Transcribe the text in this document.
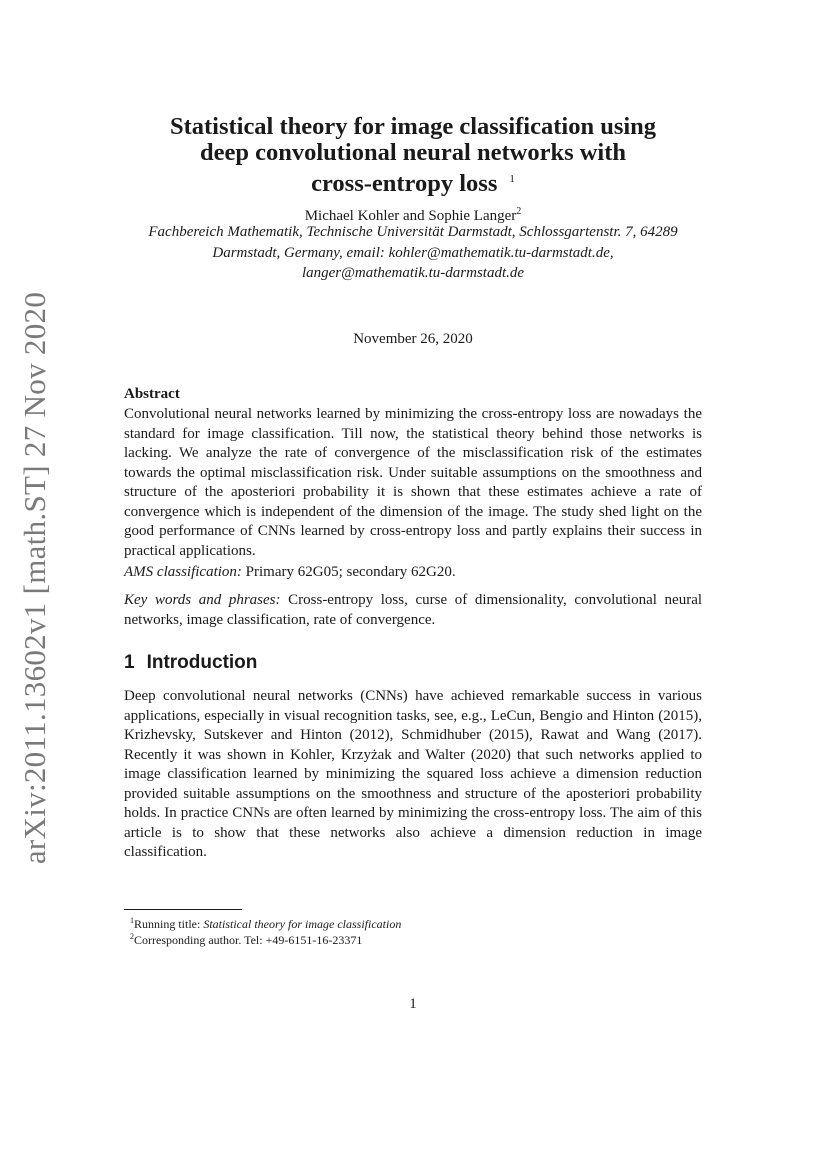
arXiv:2011.13602v1 [math.ST] 27 Nov 2020
Statistical theory for image classification using
deep convolutional neural networks with
cross-entropy loss $^1$
Michael Kohler and Sophie Langer$^2$
Fachbereich Mathematik, Technische Universität Darmstadt, Schlossgartenstr. 7, 64289
Darmstadt, Germany, email: kohler@mathematik.tu-darmstadt.de,
langer@mathematik.tu-darmstadt.de
November 26, 2020
Abstract
Convolutional neural networks learned by minimizing the cross-entropy loss are nowadays the standard for image classification. Till now, the statistical theory behind those networks is lacking. We analyze the rate of convergence of the misclassification risk of the estimates towards the optimal misclassification risk. Under suitable assumptions on the smoothness and structure of the aposteriori probability it is shown that these estimates achieve a rate of convergence which is independent of the dimension of the image. The study shed light on the good performance of CNNs learned by cross-entropy loss and partly explains their success in practical applications.
AMS classification: Primary 62G05; secondary 62G20.
Key words and phrases: Cross-entropy loss, curse of dimensionality, convolutional neural networks, image classification, rate of convergence.
1 Introduction
Deep convolutional neural networks (CNNs) have achieved remarkable success in various applications, especially in visual recognition tasks, see, e.g., LeCun, Bengio and Hinton (2015), Krizhevsky, Sutskever and Hinton (2012), Schmidhuber (2015), Rawat and Wang (2017). Recently it was shown in Kohler, Krzyżak and Walter (2020) that such networks applied to image classification learned by minimizing the squared loss achieve a dimension reduction provided suitable assumptions on the smoothness and structure of the aposteriori probability holds. In practice CNNs are often learned by minimizing the cross-entropy loss. The aim of this article is to show that these networks also achieve a dimension reduction in image classification.
$^1$Running title: Statistical theory for image classification
$^2$Corresponding author. Tel: +49-6151-16-23371
1
